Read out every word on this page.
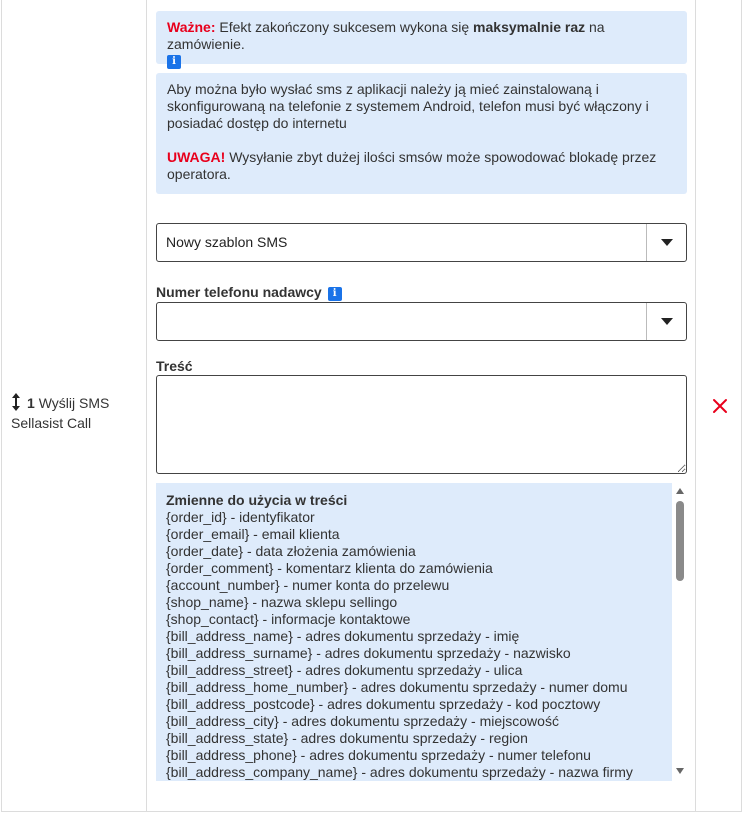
1 Wyślij SMS Sellasist Call
Ważne: Efekt zakończony sukcesem wykona się maksymalnie raz na zamówienie.
i
Aby można było wysłać sms z aplikacji należy ją mieć zainstalowaną i skonfigurowaną na telefonie z systemem Android, telefon musi być włączony i posiadać dostęp do internetu
UWAGA! Wysyłanie zbyt dużej ilości smsów może spowodować blokadę przez operatora.
Nowy szablon SMS
Numer telefonu nadawcy i
Treść
Zmienne do użycia w treści
{order_id} - identyfikator
{order_email} - email klienta
{order_date} - data złożenia zamówienia
{order_comment} - komentarz klienta do zamówienia
{account_number} - numer konta do przelewu
{shop_name} - nazwa sklepu sellingo
{shop_contact} - informacje kontaktowe
{bill_address_name} - adres dokumentu sprzedaży - imię
{bill_address_surname} - adres dokumentu sprzedaży - nazwisko
{bill_address_street} - adres dokumentu sprzedaży - ulica
{bill_address_home_number} - adres dokumentu sprzedaży - numer domu
{bill_address_postcode} - adres dokumentu sprzedaży - kod pocztowy
{bill_address_city} - adres dokumentu sprzedaży - miejscowość
{bill_address_state} - adres dokumentu sprzedaży - region
{bill_address_phone} - adres dokumentu sprzedaży - numer telefonu
{bill_address_company_name} - adres dokumentu sprzedaży - nazwa firmy
